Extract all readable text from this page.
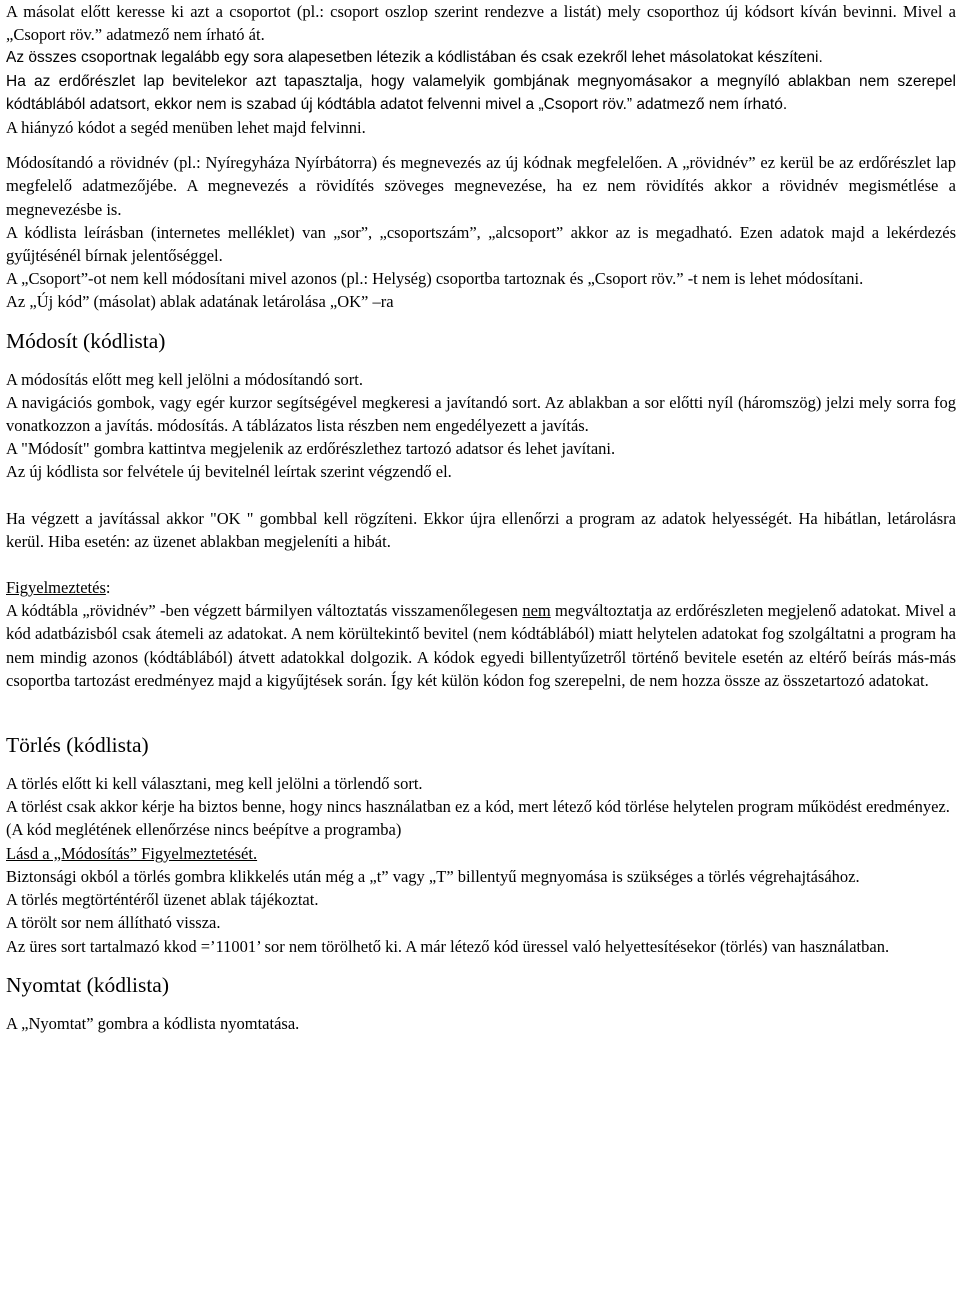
A másolat előtt keresse ki azt a csoportot (pl.: csoport oszlop szerint rendezve a listát) mely csoporthoz új kódsort kíván bevinni. Mivel a „Csoport röv.” adatmező nem írható át.

Az összes csoportnak legalább egy sora alapesetben létezik a kódlistában és csak ezekről lehet másolatokat készíteni.

Ha az erdőrészlet lap bevitelekor azt tapasztalja, hogy valamelyik gombjának megnyomásakor a megnyíló ablakban nem szerepel kódtáblából adatsort, ekkor nem is szabad új kódtábla adatot felvenni mivel a „Csoport röv.” adatmező nem írható.

A hiányzó kódot a segéd menüben lehet majd felvinni.

Módosítandó a rövidnév (pl.: Nyíregyháza Nyírbátorra) és megnevezés az új kódnak megfelelően. A „rövidnév” ez kerül be az erdőrészlet lap megfelelő adatmezőjébe. A megnevezés a rövidítés szöveges megnevezése, ha ez nem rövidítés akkor a rövidnév megismétlése a megnevezésbe is.

A kódlista leírásban (internetes melléklet) van „sor”, „csoportszám”, „alcsoport” akkor az is megadható. Ezen adatok majd a lekérdezés gyűjtésénél bírnak jelentőséggel.

A „Csoport”-ot nem kell módosítani mivel azonos (pl.: Helység) csoportba tartoznak és „Csoport röv.” -t nem is lehet módosítani.

Az „Új kód” (másolat) ablak adatának letárolása „OK” –ra

Módosít (kódlista)

A módosítás előtt meg kell jelölni a módosítandó sort.

A navigációs gombok, vagy egér kurzor segítségével megkeresi a javítandó sort. Az ablakban a sor előtti nyíl (háromszög) jelzi mely sorra fog vonatkozzon a javítás. módosítás. A táblázatos lista részben nem engedélyezett a javítás.

A "Módosít" gombra kattintva megjelenik az erdőrészlethez tartozó adatsor és lehet javítani.

Az új kódlista sor felvétele új bevitelnél leírtak szerint végzendő el.

Ha végzett a javítással akkor "OK " gombbal kell rögzíteni. Ekkor újra ellenőrzi a program az adatok helyességét. Ha hibátlan, letárolásra kerül. Hiba esetén: az üzenet ablakban megjeleníti a hibát.

Figyelmeztetés:

A kódtábla „rövidnév” -ben végzett bármilyen változtatás visszamenőlegesen nem megváltoztatja az erdőrészleten megjelenő adatokat. Mivel a kód adatbázisból csak átemeli az adatokat. A nem körültekintő bevitel (nem kódtáblából) miatt helytelen adatokat fog szolgáltatni a program ha nem mindig azonos (kódtáblából) átvett adatokkal dolgozik. A kódok egyedi billentyűzetről történő bevitele esetén az eltérő beírás más-más csoportba tartozást eredményez majd a kigyűjtések során. Így két külön kódon fog szerepelni, de nem hozza össze az összetartozó adatokat.

Törlés (kódlista)

A törlés előtt ki kell választani, meg kell jelölni a törlendő sort.

A törlést csak akkor kérje ha biztos benne, hogy nincs használatban ez a kód, mert létező kód törlése helytelen program működést eredményez.

(A kód meglétének ellenőrzése nincs beépítve a programba)

Lásd a „Módosítás” Figyelmeztetését.

Biztonsági okból a törlés gombra klikkelés után még a „t” vagy „T” billentyű megnyomása is szükséges a törlés végrehajtásához.

A törlés megtörténtéről üzenet ablak tájékoztat.

A törölt sor nem állítható vissza.

Az üres sort tartalmazó kkod =’11001’ sor nem törölhető ki. A már létező kód üressel való helyettesítésekor (törlés) van használatban.

Nyomtat (kódlista)

A „Nyomtat” gombra a kódlista nyomtatása.
